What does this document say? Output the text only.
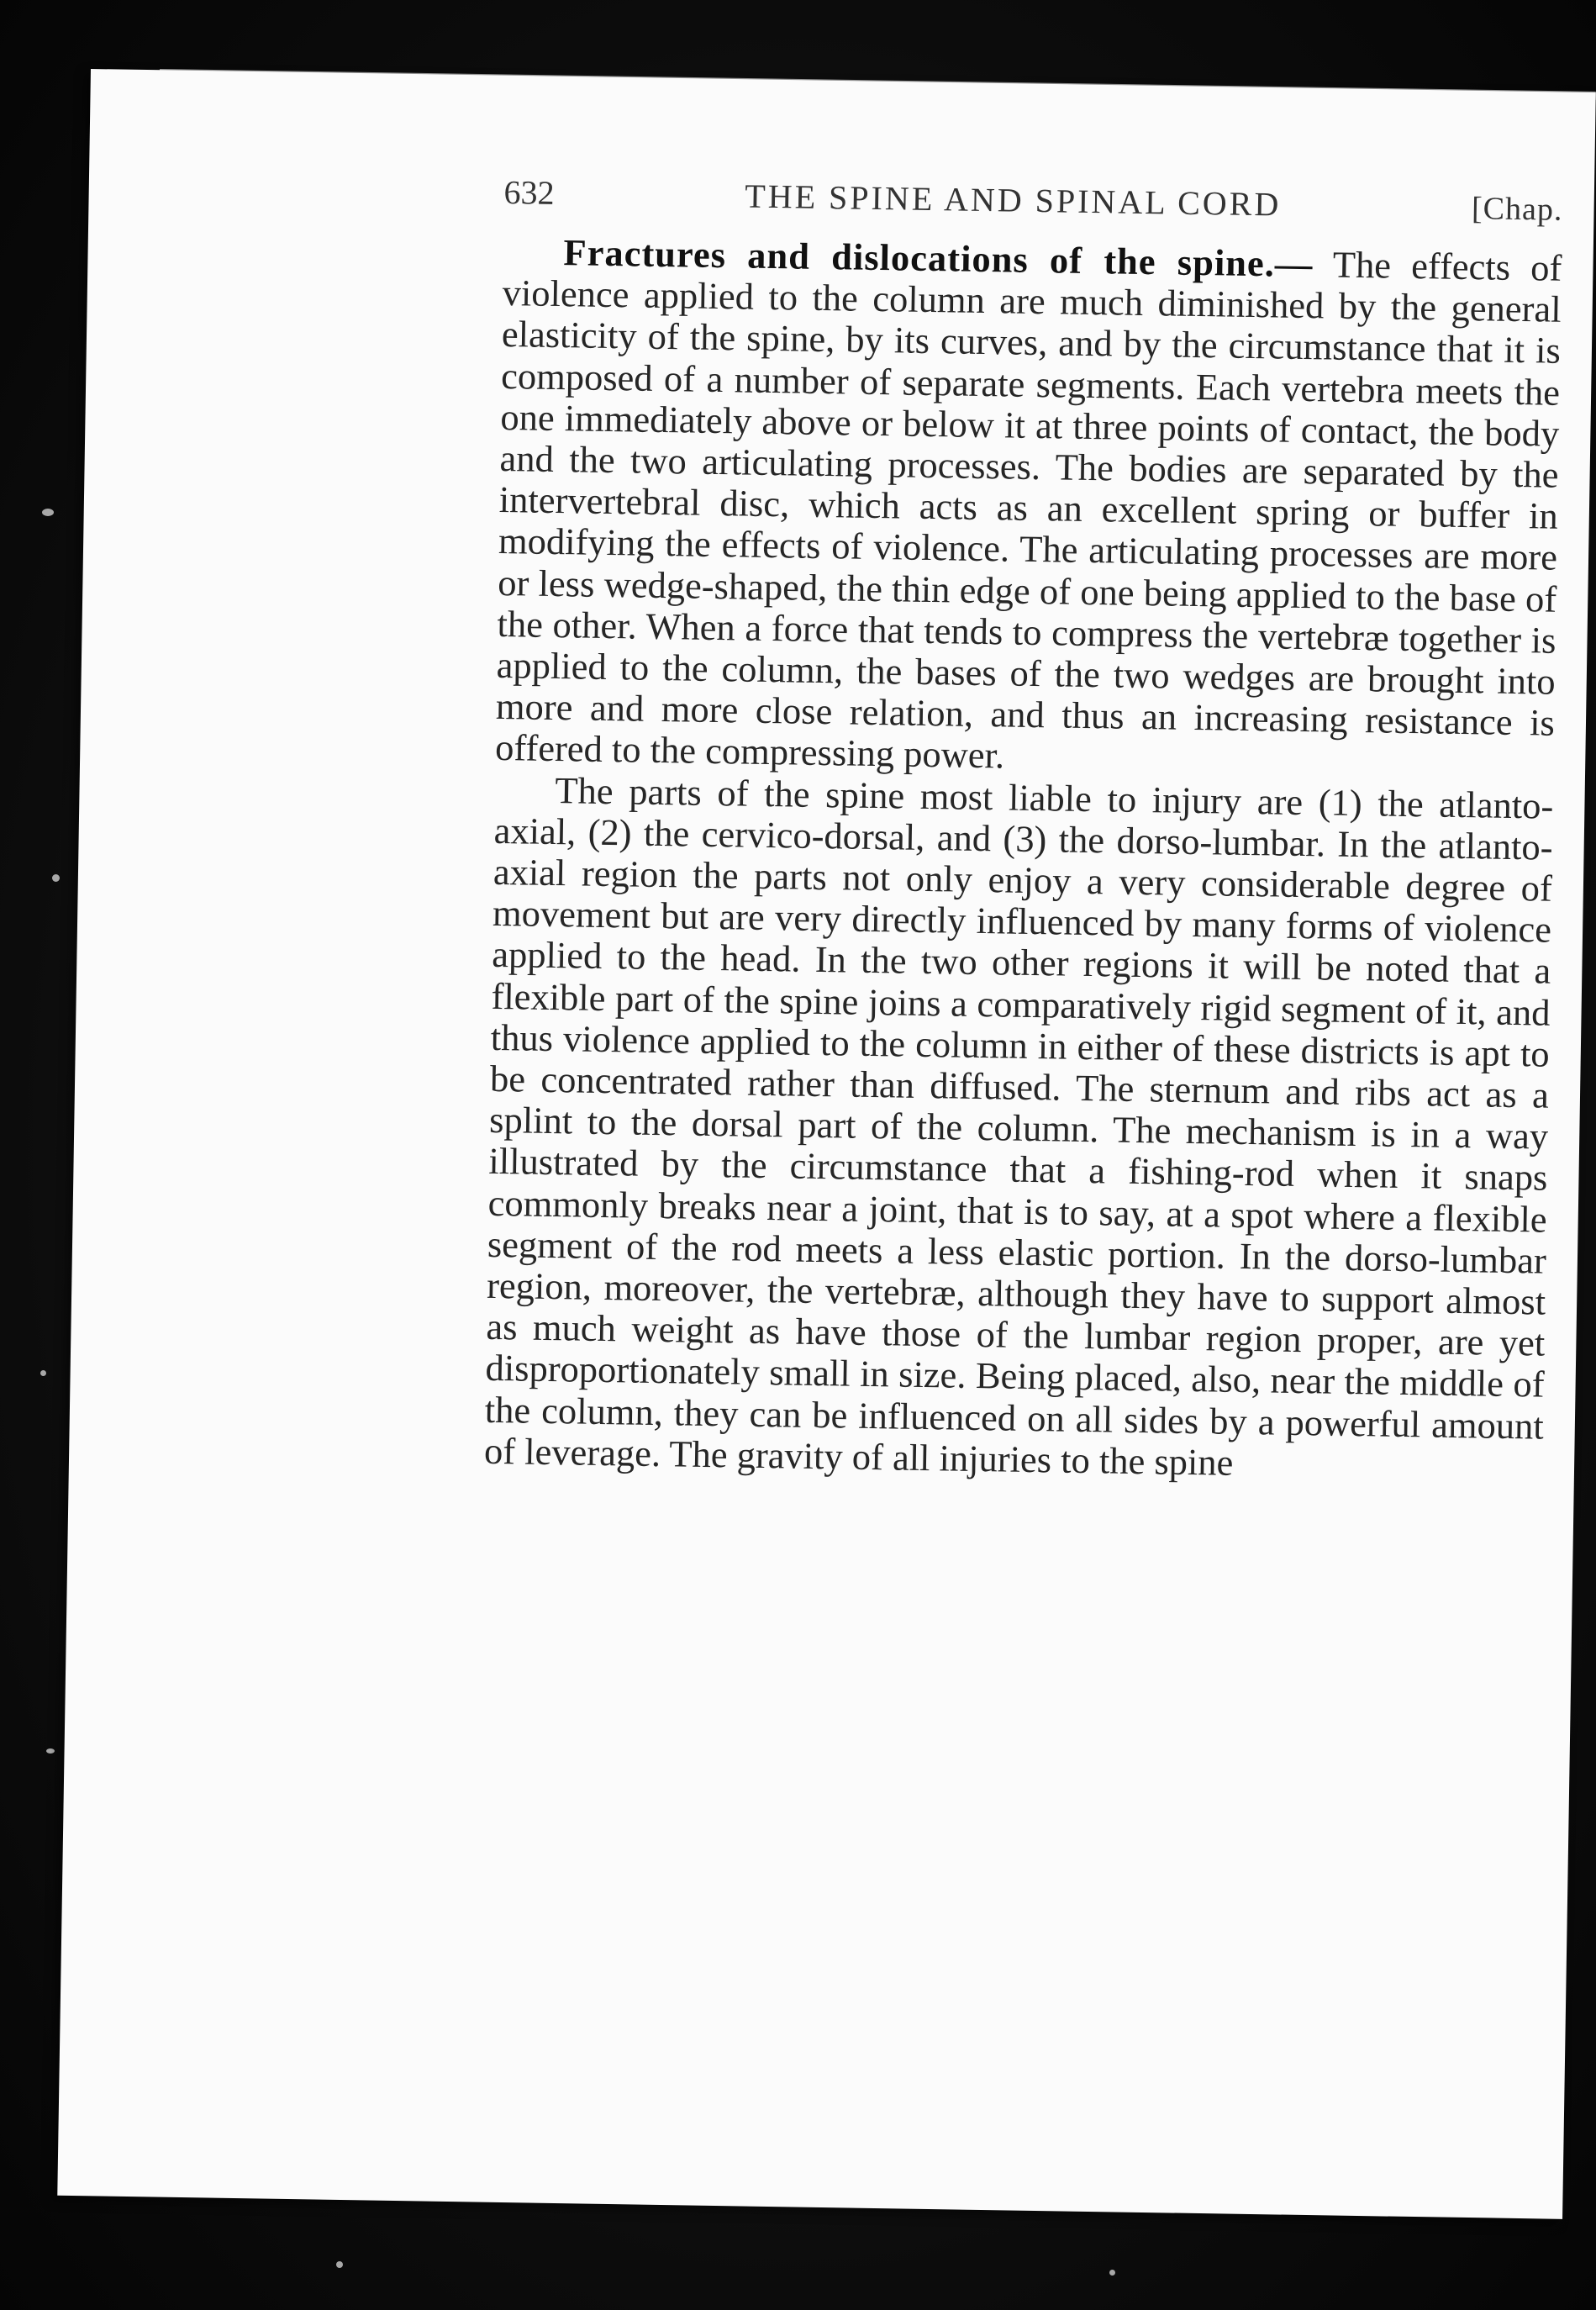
632	THE SPINE AND SPINAL CORD	[Chap.

Fractures and dislocations of the spine.— The effects of violence applied to the column are much diminished by the general elasticity of the spine, by its curves, and by the circumstance that it is composed of a number of separate segments. Each vertebra meets the one immediately above or below it at three points of contact, the body and the two articulating processes. The bodies are separated by the intervertebral disc, which acts as an excellent spring or buffer in modifying the effects of violence. The articulating processes are more or less wedge-shaped, the thin edge of one being applied to the base of the other. When a force that tends to compress the vertebræ together is applied to the column, the bases of the two wedges are brought into more and more close relation, and thus an increasing resistance is offered to the compressing power.

The parts of the spine most liable to injury are (1) the atlanto-axial, (2) the cervico-dorsal, and (3) the dorso-lumbar. In the atlanto-axial region the parts not only enjoy a very considerable degree of movement but are very directly influenced by many forms of violence applied to the head. In the two other regions it will be noted that a flexible part of the spine joins a comparatively rigid segment of it, and thus violence applied to the column in either of these districts is apt to be concentrated rather than diffused. The sternum and ribs act as a splint to the dorsal part of the column. The mechanism is in a way illustrated by the circumstance that a fishing-rod when it snaps commonly breaks near a joint, that is to say, at a spot where a flexible segment of the rod meets a less elastic portion. In the dorso-lumbar region, moreover, the vertebræ, although they have to support almost as much weight as have those of the lumbar region proper, are yet disproportionately small in size. Being placed, also, near the middle of the column, they can be influenced on all sides by a powerful amount of leverage. The gravity of all injuries to the spine
